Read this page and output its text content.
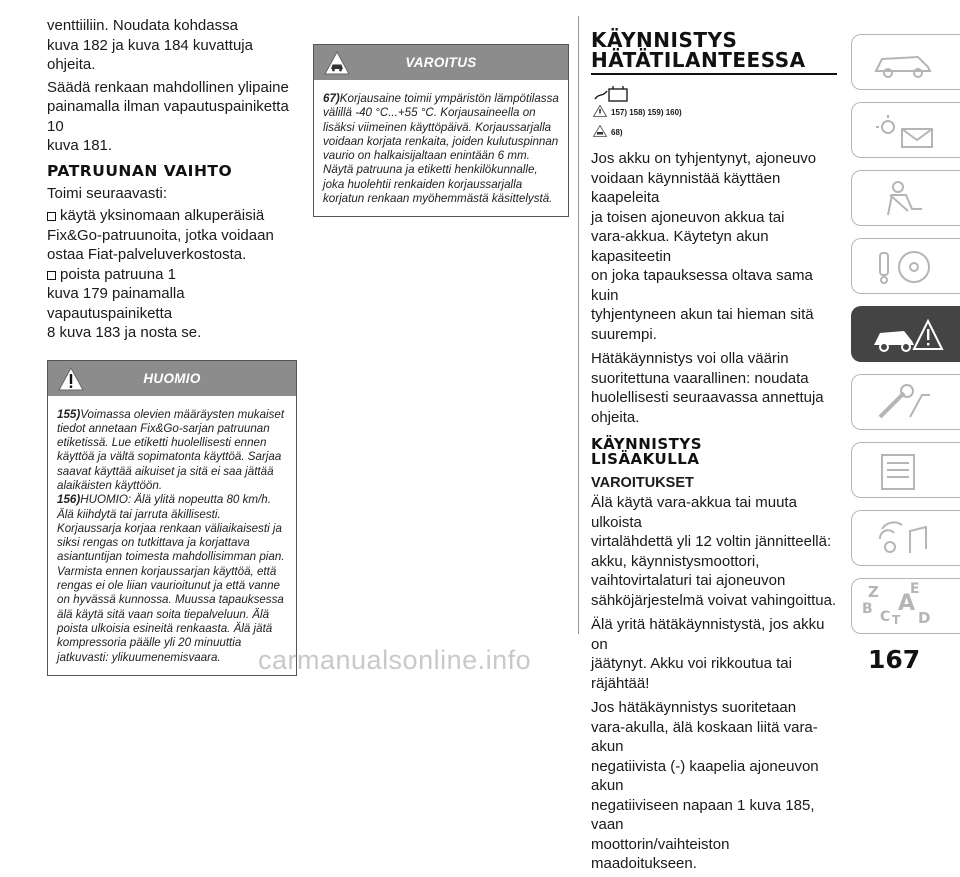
venttiiliin. Noudata kohdassa
kuva 182 ja kuva 184 kuvattuja ohjeita.

Säädä renkaan mahdollinen ylipaine
painamalla ilman vapautuspainiketta 10
kuva 181.

PATRUUNAN VAIHTO

Toimi seuraavasti:

käytä yksinomaan alkuperäisiä
Fix&Go-patruunoita, jotka voidaan
ostaa Fiat-palveluverkostosta.

poista patruuna 1
kuva 179 painamalla vapautuspainiketta
8 kuva 183 ja nosta se.

HUOMIO
155)Voimassa olevien määräysten mukaiset tiedot annetaan Fix&Go-sarjan patruunan etiketissä. Lue etiketti huolellisesti ennen käyttöä ja vältä sopimatonta käyttöä. Sarjaa saavat käyttää aikuiset ja sitä ei saa jättää alaikäisten käyttöön.
156)HUOMIO: Älä ylitä nopeutta 80 km/h. Älä kiihdytä tai jarruta äkillisesti. Korjaussarja korjaa renkaan väliaikaisesti ja siksi rengas on tutkittava ja korjattava asiantuntijan toimesta mahdollisimman pian. Varmista ennen korjaussarjan käyttöä, että rengas ei ole liian vaurioitunut ja että vanne on hyvässä kunnossa. Muussa tapauksessa älä käytä sitä vaan soita tiepalveluun. Älä poista ulkoisia esineitä renkaasta. Älä jätä kompressoria päälle yli 20 minuuttia jatkuvasti: ylikuumenemisvaara.
VAROITUS
67)Korjausaine toimii ympäristön lämpötilassa välillä -40 °C...+55 °C. Korjausaineella on lisäksi viimeinen käyttöpäivä. Korjaussarjalla voidaan korjata renkaita, joiden kulutuspinnan vaurio on halkaisijaltaan enintään 6 mm. Näytä patruuna ja etiketti henkilökunnalle, joka huolehtii renkaiden korjaussarjalla korjatun renkaan myöhemmästä käsittelystä.
KÄYNNISTYS
HÄTÄTILANTEESSA
157) 158) 159) 160)
68)

Jos akku on tyhjentynyt, ajoneuvo
voidaan käynnistää käyttäen kaapeleita
ja toisen ajoneuvon akkua tai
vara-akkua. Käytetyn akun kapasiteetin
on joka tapauksessa oltava sama kuin
tyhjentyneen akun tai hieman sitä
suurempi.

Hätäkäynnistys voi olla väärin
suoritettuna vaarallinen: noudata
huolellisesti seuraavassa annettuja
ohjeita.

KÄYNNISTYS
LISÄAKULLA
VAROITUKSET

Älä käytä vara-akkua tai muuta ulkoista
virtalähdettä yli 12 voltin jännitteellä:
akku, käynnistysmoottori,
vaihtovirtalaturi tai ajoneuvon
sähköjärjestelmä voivat vahingoittua.

Älä yritä hätäkäynnistystä, jos akku on
jäätynyt. Akku voi rikkoutua tai räjähtää!

Jos hätäkäynnistys suoritetaan
vara-akulla, älä koskaan liitä vara-akun
negatiivista (-) kaapelia ajoneuvon akun
negatiiviseen napaan 1 kuva 185, vaan
moottorin/vaihteiston maadoitukseen.

Z E
A
B C T D
167
carmanualsonline.info
